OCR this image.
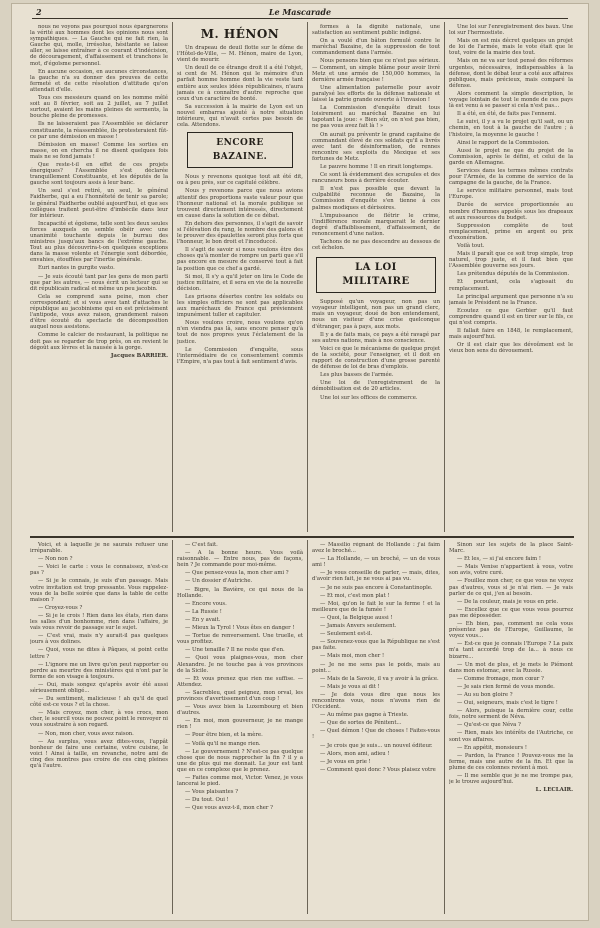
2	Le Mascarade

nous ne voyons pas pourquoi nous épargnerons la vérité aux hommes dont les opinions nous sont sympathiques. — La Gauche qui ne fait rien, la Gauche qui, molle, irrésolue, hésitante se laisse aller, se laisse entraîner à ce courant d'indécision, de découragement, d'affaissement et tranchons le mot, d'égoïsme personnel.

En aucune occasion, en aucunes circonstances, la gauche n'a su donner des preuves de cette fermeté et de cette résolution d'attitude qu'on attendait d'elle.

Tous ces messieurs quand on les nomme mêlé soit au 8 février, soit au 2 juillet, au 7 juillet surtout, avaient les mains pleines de serments, la bouche pleine de promesses.

Ils ne laisseraient pas l'Assemblée se déclarer constituante, la réassemblée, ils protesteraient fût-ce par une démission en masse !

Démission en masse! Comme les sorties en masse, on en chercha il ne disent quelques fois mais ne se fond jamais !

Que reste-t-il en effet de ces projets énergiques? l'Assemblée s'est déclarée tranquillement Constituante, et les députés de la gauche sont toujours assis à leur banc.

Un seul s'est retiré, un seul, le général Faidherbe, qui a eu l'honnêteté de tenir sa parole; le général Faidherbe oublié aujourd'hui, et que ses collègues traitent peut-être d'imbécile dans leur for intérieur.

Incapacité et égoïsme, telle sont les deux seules forces auxquels on semble obéir avec une unanimité touchante depuis le burrau des ministres jusqu'aux bancs de l'extrême gauche. Tout au plus découvrira-t-on quelques exceptions dans la masse volente et l'énergie sont débordée, envahies, étouffées par l'inertie générale.

Euri nantes in gurgite vasto.

— Je suis écouté tant par les gens de mon parti que par les autres, — nous écrit un lecteur qui se dit républicain radical et même un peu jacobin.

Cela se comprend sans peine, mon cher correspondant; et si vous avez tant d'attaches le république au jacobinisme qui en est précisément l'antipode, vous avez raison, grandement raison d'être écouté du spectacle de décomposition auquel nous assistons.

Comme le calcier de restaurant, la politique ne doit pas se regarder de trop près, on en revient le dégoût aux lèvres et la nausée à la gorge.

Jacques BARRIER.
M. HÉNON

Un drapeau de deuil flotte sur le dôme de l'Hôtel-de-Ville, — M. Hénon, maire de Lyon, vient de mourir.

Un deuil de ce étrange droit il a été l'objet, si cent de M. Hénon qui le mémoire d'un parfait homme homme dont la vie veste tant entière aux seules idées républicaines, n'aura jamais ce à connaître d'autre reproche que ceux d'un caractère de bonté.

Sa succession à la mairie de Lyon est un nouvel embarras ajouté à notre situation intérieure, qui n'avait certes pas besoin de cela. Attendons.

ENCORE BAZAINE.

Nous y revenons quoique tout ait été dit, ou à peu près, sur ce capitulé célèbre.

Nous y revenons parce que nous avions attentif des proportions vaste valeur pour que l'honneur national et la morale publique se trouvent directement intéressés, directement en cause dans la solution de ce débat.

En dehors des personnes, il s'agit de savoir si l'élévation du rang, le nombre des galons et le prouver des épaulettes seront plus forts que l'honneur, le bon droit et l'incoduccé.

Il s'agit de savoir si nous voulons être des choses qu'à monter de rompre un parti que s'il pas encore en mesure de conservé tout à fait la position que ce chef a gardé.

Si moi, Il s'y a qu'il jeter on lira le Code de justice militaire, et il sera en vie de la nouvelle décision.

Les prisons désertes contre les soldats ou les simples officiers ne sont pas applicables aux maréchaux de France qui préviennent impunément tuller et capituler.

Nous voulons croire, nous voulons qu'on n'en viendra pas là, sans encore penser qu'à tout de nos propres yeux l'éclatement de la justice.

Le Commission d'enquête, sous l'intermédiaire de ce consentement commis l'Empire, n'a pas tout à fait sentiment d'avis.

formes à la dignité nationale, une satisfaction au sentiment public indigné.

On a voulé d'un bâton formulé contre le maréchal Bazaine, de la suppression de tout commandement dans l'armée.

Nous pensons bien que ce n'est pas sérieux. — Comment, un simple blâme pour avoir livré Metz et une armée de 150,000 hommes, la dernière armée française !

Une alimentation paternelle pour avoir paralysé les efforts de la défense nationale et laissé la patrie grande ouverte à l'invasion !

La Commission d'enquête dirait tous loisirement au maréchal Bazaine en lui tapotant la joue: « Bien sûr, on n'est pas bien, ne pas vous avez fait là ! »

On aurait pu préventr le grand capitaine de commandant élevé de ces soldats qu'il a livrés avec tant de désinformation, de rennes rencontre ses exploits du Mexique et ses fortunes de Metz.

Le pauvre homme ! Il en rirait longtemps.

Ce sont là évidemment des scrupules et des rancuneurs bons à derrière écouter.

Il n'est pas possible que devant la culpabilité reconnue de Bazaine, la Commission d'enquête s'en tienne à ces palmes modiques et dérisoires.

L'impuissance de flétrir le crime, l'indifférence morale marquerait le dernier degré d'affaiblissement, d'affaissement, de renoncement d'une nation.

Tachons de ne pas descendre au dessous de cet échelon.

LA LOI MILITAIRE

Supposé qu'un voyageur, non pas un voyageur intelligent, non pas un grand clerc, mais un voyageur, doué de bon entendement, nous un visiteur d'une crise quelconque d'étranger, pas à pays, aux mots.

Il y a de faits mais, ce pays a été ravagé par ses autres nations, mais à nos conscience.

Voici ce que le mécanisme de quelque projet de la société, pour l'enseigner, et il doit en rapport de construction d'une grosse parenté de défense de loi de bras d'emplois.

Les plus basses de l'armée.

Une loi de l'enregistrement de la démobilisation est de 20 articles.

Une loi sur les offices de commerce.

Une loi sur l'enregistrement des baux. Une loi sur l'hermostiste.

Mais on est mis décret quelques un projet de loi de l'armée, mais le vote était que le tout, voire de la mairie des tout.

Mais on ne va sur tout pensé des réformes urgentes, nécessaires, indispensables à la défense, dont le débat leur a coté aux affaires publiques, mais précieux, mais comparé la défense.

Alors comment la simple description, le voyage lointain de tout le monde de ces pays là est venu à se passer si cela n'est pas...

Il a été, en été, de faits pas l'ennemi.

Le suivi, il y a vu le projet qu'il sait, ou un chemin, en tout à la gauche de l'autre ; à l'histoire, la moyenne le gauche !

Ainsi le rapport de la Commission.

Aussi le projet ne que du projet de la Commission, après le défini, et celui de la garde en Allemagne.

Services dans les termes mêmes contrats pour l'Armée, de la comme de service de la campagne de la gauche, de la France.

Le service militaire personnel, mais tout l'Europe.

Durée de service proportionnée au nombre d'hommes appelés sous les drapeaux et aux ressources du budget.

Suppression complète de tout remplacement, prime en argent ou prix d'exonération.

Voilà tout.

Mais il paraît que ce soit trop simple, trop naturel, trop juste, et il faut bien que l'Assemblée gouverne ses jours.

Les prétendus députés de la Commission.

Et pourtant, cela s'agissait du remplacement.

Le principal argument que personne n'a su jamais le Président ne la France.

Ecoutez ce que Gerbier qu'il faut comprendre quand il est en tirer sur le fils, ce qui n'est compris.

Il fallait faire en 1848, le remplacement, mais aujourd'hui.

Or il est clair que les dévoûment est le vieux bon sens du dévouement.

Voici, et à laquelle je ne saurais refuser une irréparable.

— Non non ?

— Voici le carte : vous le connaissez, n'est-ce pas ?

— Si je le connais, je suis d'un passage. Mais votre invitation est trop pressante. Vous rappelez-vous de la belle soirée que dans la table de cette maison ?

— Croyez-vous ?

— Si je le crois ! Rien dans les états, rien dans les salles d'un bonhomme, rien dans l'affaire, je vais vous revoir de passage sur le sujet.

— C'est vrai, mais n'y aurait-il pas quelques jours à vos dolines.

— Quoi, vous ne dites à Pâques, si point cette lettre ?

— L'ignore me un livre qu'on peut rapporter ou perdre au meurtre des ministères qui n'ont par le forme de son visage à toujours.

— Oui, mais songez qu'après avoir été aussi sérieusement obligé...

— Du sentiment, malicieuse ! ah qu'il de quel côté est-ce vous ? et la chose.

— Mais croyez, mon cher, à vos crocs, mon cher, le sourcil vous ne pouvez point le renvoyer ni vous soustraire à son regard.

— Non, mon cher, vous avez raison.

— Au surplus, vous avez dites-vous, l'appât bonheur de faire une certaine, votre cuisine, le voici ! Ainsi à taille, en revanche, notre ami de cinq des montres pas croire de ces cinq pleines qu'à l'autre.

— C'est fait.

— A la bonne heure. Vous voilà raisonnable. — Entre nous, pas de façons, hein ? Je commande pour moi-même.

— Que pensez-vous la, mon cher ami ?

— Un dossier d'Autriche.

— Bigre, la Bavière, ce qui nous de la Hollande.

— Encore vous.

— La Russie !

— En y avait.

— Mieux la Tyrol ! Vous êtes en danger !

— Tortue de renversement. Une truelle, et vous profitez.

— Une tenaille ? Il ne reste que d'en.

— Quoi vous plaignes-vous, mon cher Alexandre. Je ne touche pas à vos provinces de la Sicile.

— Et vous prenez que rien me suffise. — Attendez.

— Sacrebleu, quel peignez, mon orval, les provinces d'avertissement d'un coup !

— Vous avez bien la Luxembourg et bien d'autres.

— En moi, mon gouverneur, je ne mange rien !

— Pour être bien, et la mère.

— Voilà qu'il ne mange rien.

— Le gouvernement ? N'est-ce pas quelque chose que de nous rapprocher la fin ? il y a une de plus qui me donnait. Le jour est tant que en ce complexe que le prenez.

— Faites comme moi, Victor. Venez, je vous lancerai le pied.

— Vous plaisantes ?

— Du tout. Oui !

— Que vous avez-t-il, mon cher ?

— Massilio régnant de Hollande : j'ai faim avez le broché...

— La Hollande, — un broché, — un de vous ami !

— Je vous conseille de parler, — mais, dites, d'avoir rien fait, je ne vous ai pas vu.

— Je ne suis pas encore à Constantinople.

— Et moi, c'est mon plat !

— Moi, qu'on le fait le sur la ferme ! et la meilleure que de la fumée !

— Quoi, la Belgique aussi !

— Jamais Anvers seulement.

— Seulement est-il.

— Souvenez-vous que la République ne s'est pas faite.

— Mais moi, mon cher !

— Je ne me sens pas le poids, mais au point...

— Mais de la Savoie, il va y avoir à la grâce.

— Mais je vous ai dit !

— Je dois vous dire que nous les rencontrons vous, nous n'avons rien de l'Occident.

— Au même pas gagne à Trieste.

— Que de sortes de Pénitent...

— Quel démon ! Que de choses ! Faites-vous !

— Je crois que je suis... un nouvel éditeur.

— Alors, mon ami, adieu !

— Je vous en prie !

— Comment quoi donc ? Vous plaisez votre

Sinon sur les sujets de la place Saint-Marc.

— Et les, — si j'ai encore faim !

— Mais Venise n'appartient à vous, votre son avis, votre curé.

— Fouillez mon cher, ce que vous ne voyez pas d'autres, vous si je n'ai rien. — Je vais parler de ce qui, j'en ai besoin.

— De la couleur, mais je vous en prie.

— Excellez que ce que vous vous pourrez pas me déposséder.

— Eh bien, pas, comment ne cela vous présentez pas de l'Europe, Guillaume, le voyez vous...

— Est-ce que je connais l'Europe ? La paix m'a tant accordé trop de la... à nous ce bizarre...

— Un mot de plus, et je mets le Piémont dans mon estomac, avec la Russie.

— Comme fromage, mon cœur ?

— Je sais rien fermé de vous monde.

— Au su bon gloire ?

— Oui, seigneurs, mais c'est le tigre !

— Alors, puisque la dernière cour, cette fois, notre serment de Néva.

— Qu'est-ce que Néva ?

— Rien, mais les intérêts de l'Autriche, ce sont vos affaires.

— En appétit, monsieurs !

— Pardon, la France ! Pouvez-vous me la ferme, mais une autre de la fin. Et que la plume de ces colonnes revient à moi.

— Il me semble que je ne me trompe pas, je le trouve aujourd'hui.

L. LECLAIR.
